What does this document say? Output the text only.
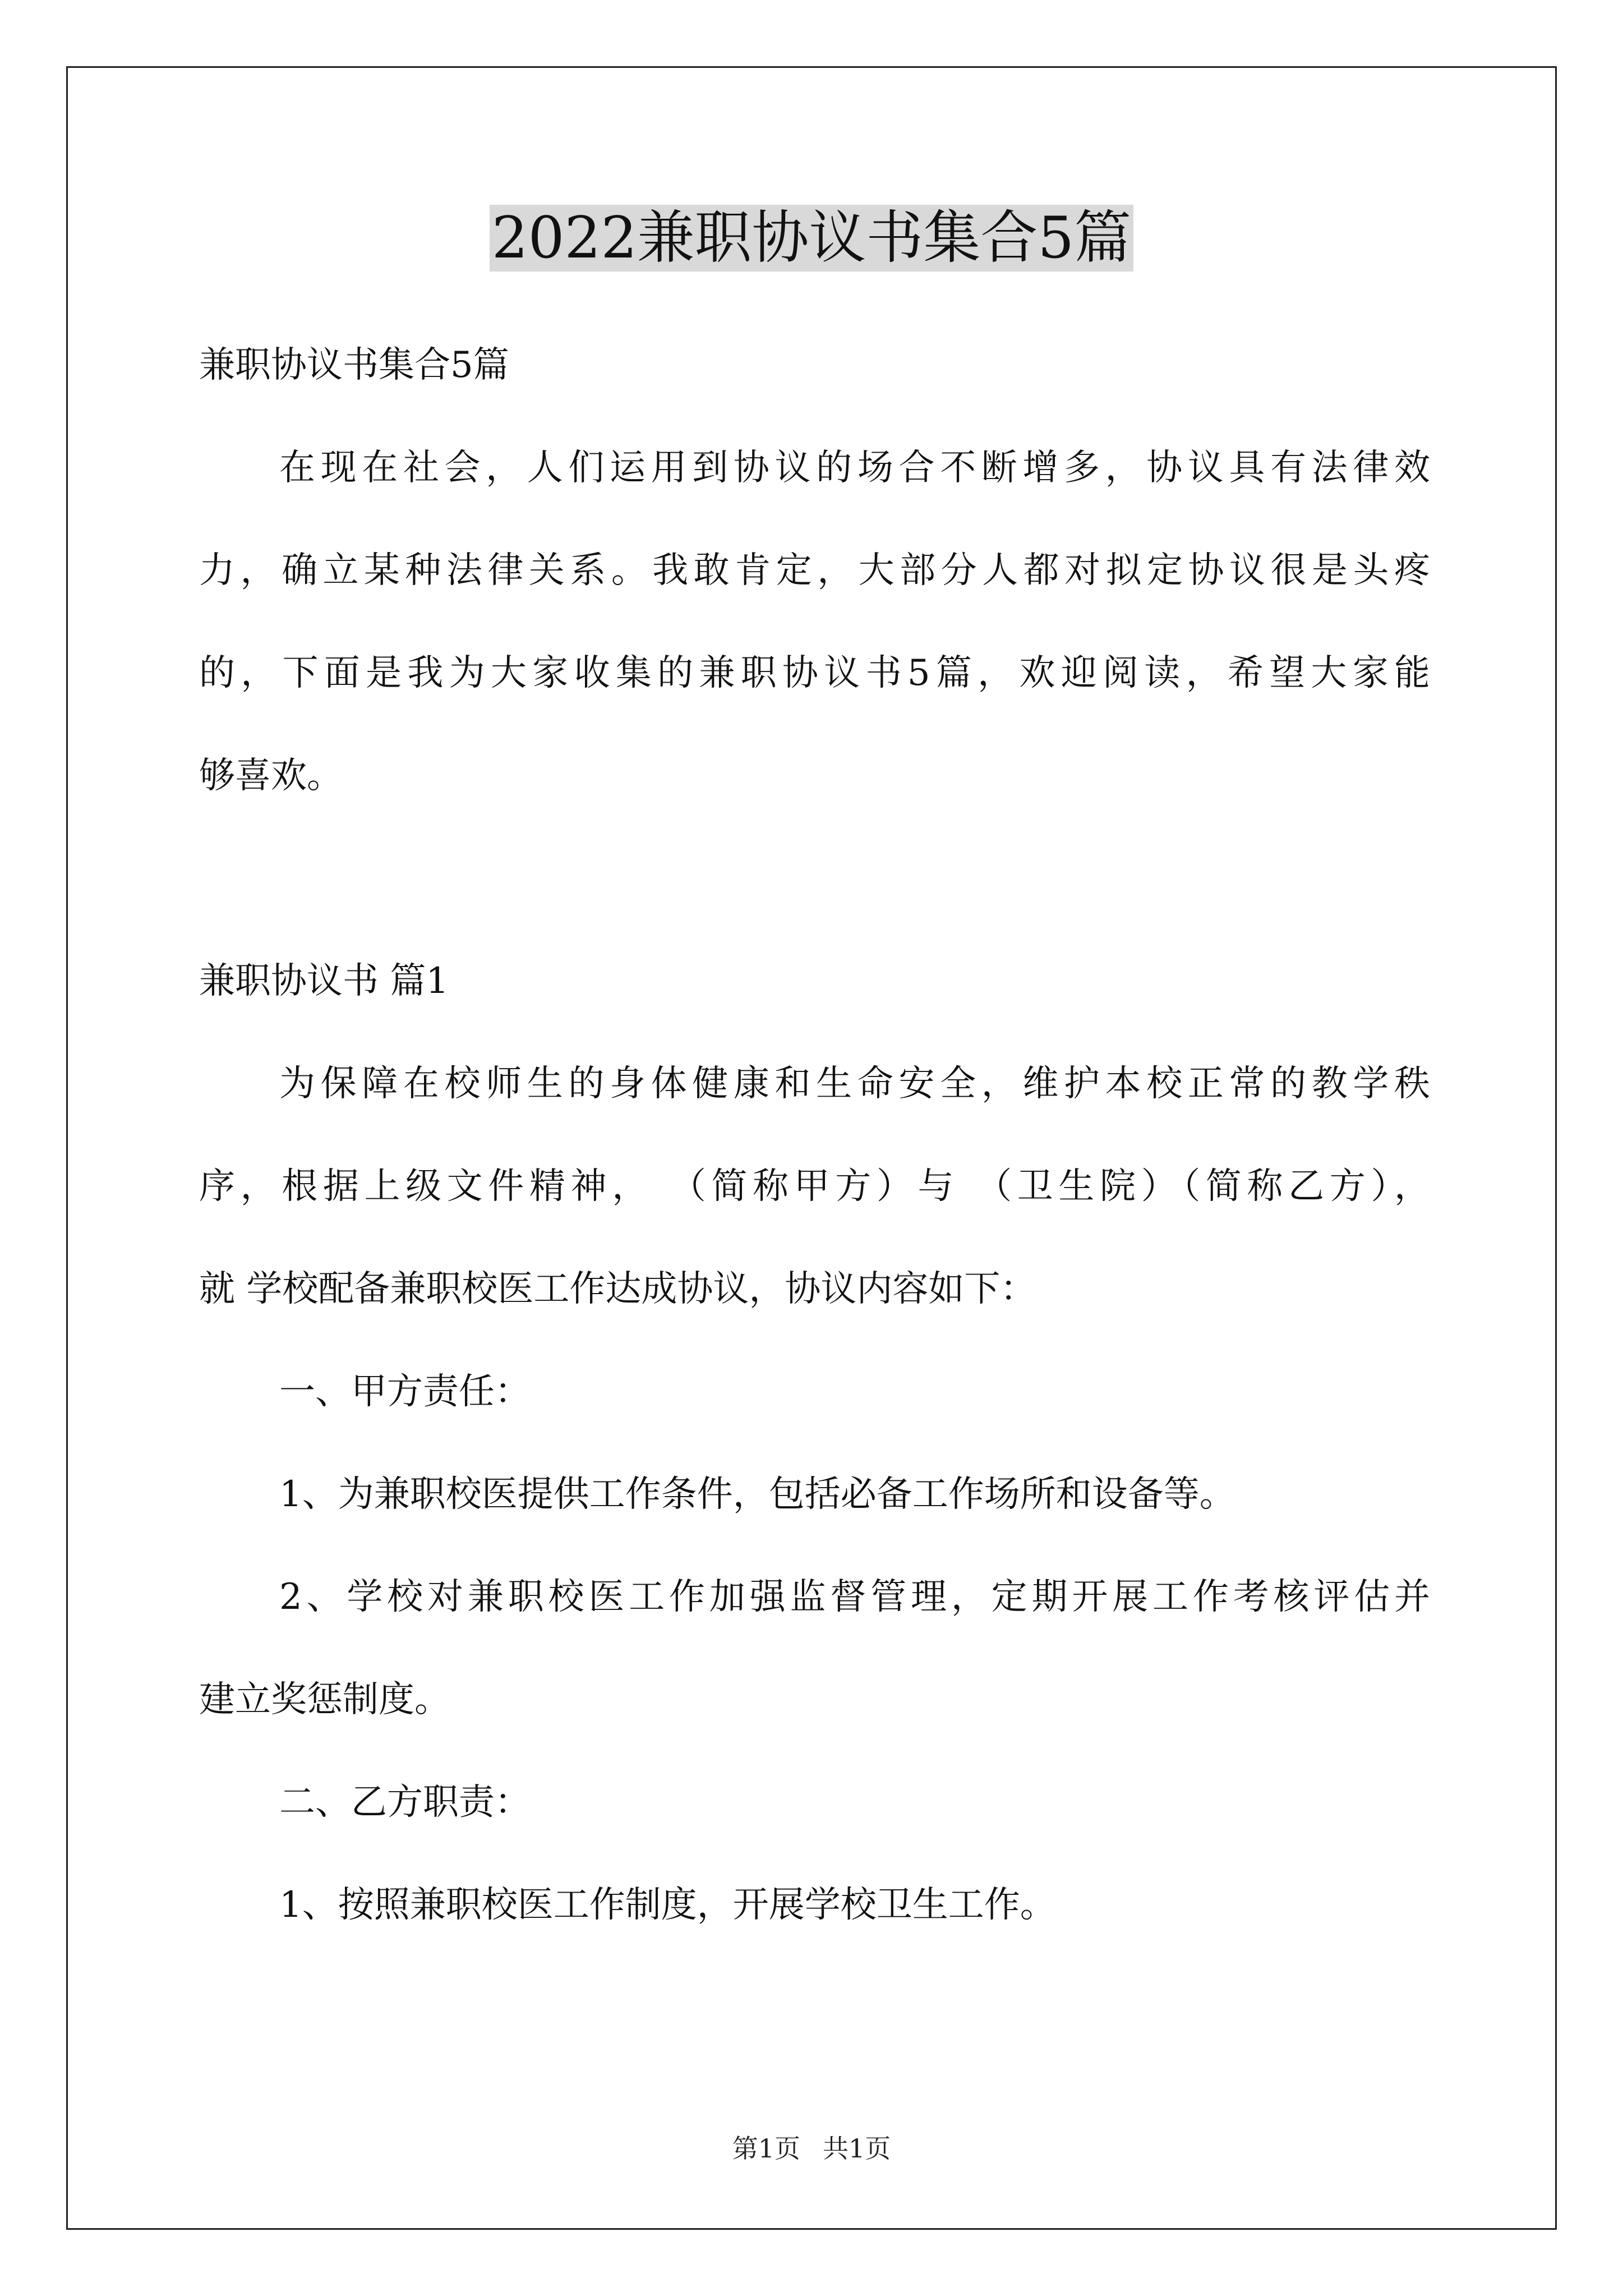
2022兼职协议书集合5篇

兼职协议书集合5篇

在现在社会，人们运用到协议的场合不断增多，协议具有法律效

力，确立某种法律关系。我敢肯定，大部分人都对拟定协议很是头疼

的，下面是我为大家收集的兼职协议书5篇，欢迎阅读，希望大家能

够喜欢。

兼职协议书 篇1

为保障在校师生的身体健康和生命安全，维护本校正常的教学秩

序，根据上级文件精神， （简称甲方）与 （卫生院）（简称乙方），

就 学校配备兼职校医工作达成协议，协议内容如下：

一、甲方责任：

1、为兼职校医提供工作条件，包括必备工作场所和设备等。

2、学校对兼职校医工作加强监督管理，定期开展工作考核评估并

建立奖惩制度。

二、乙方职责：

1、按照兼职校医工作制度，开展学校卫生工作。

第1页 共1页
